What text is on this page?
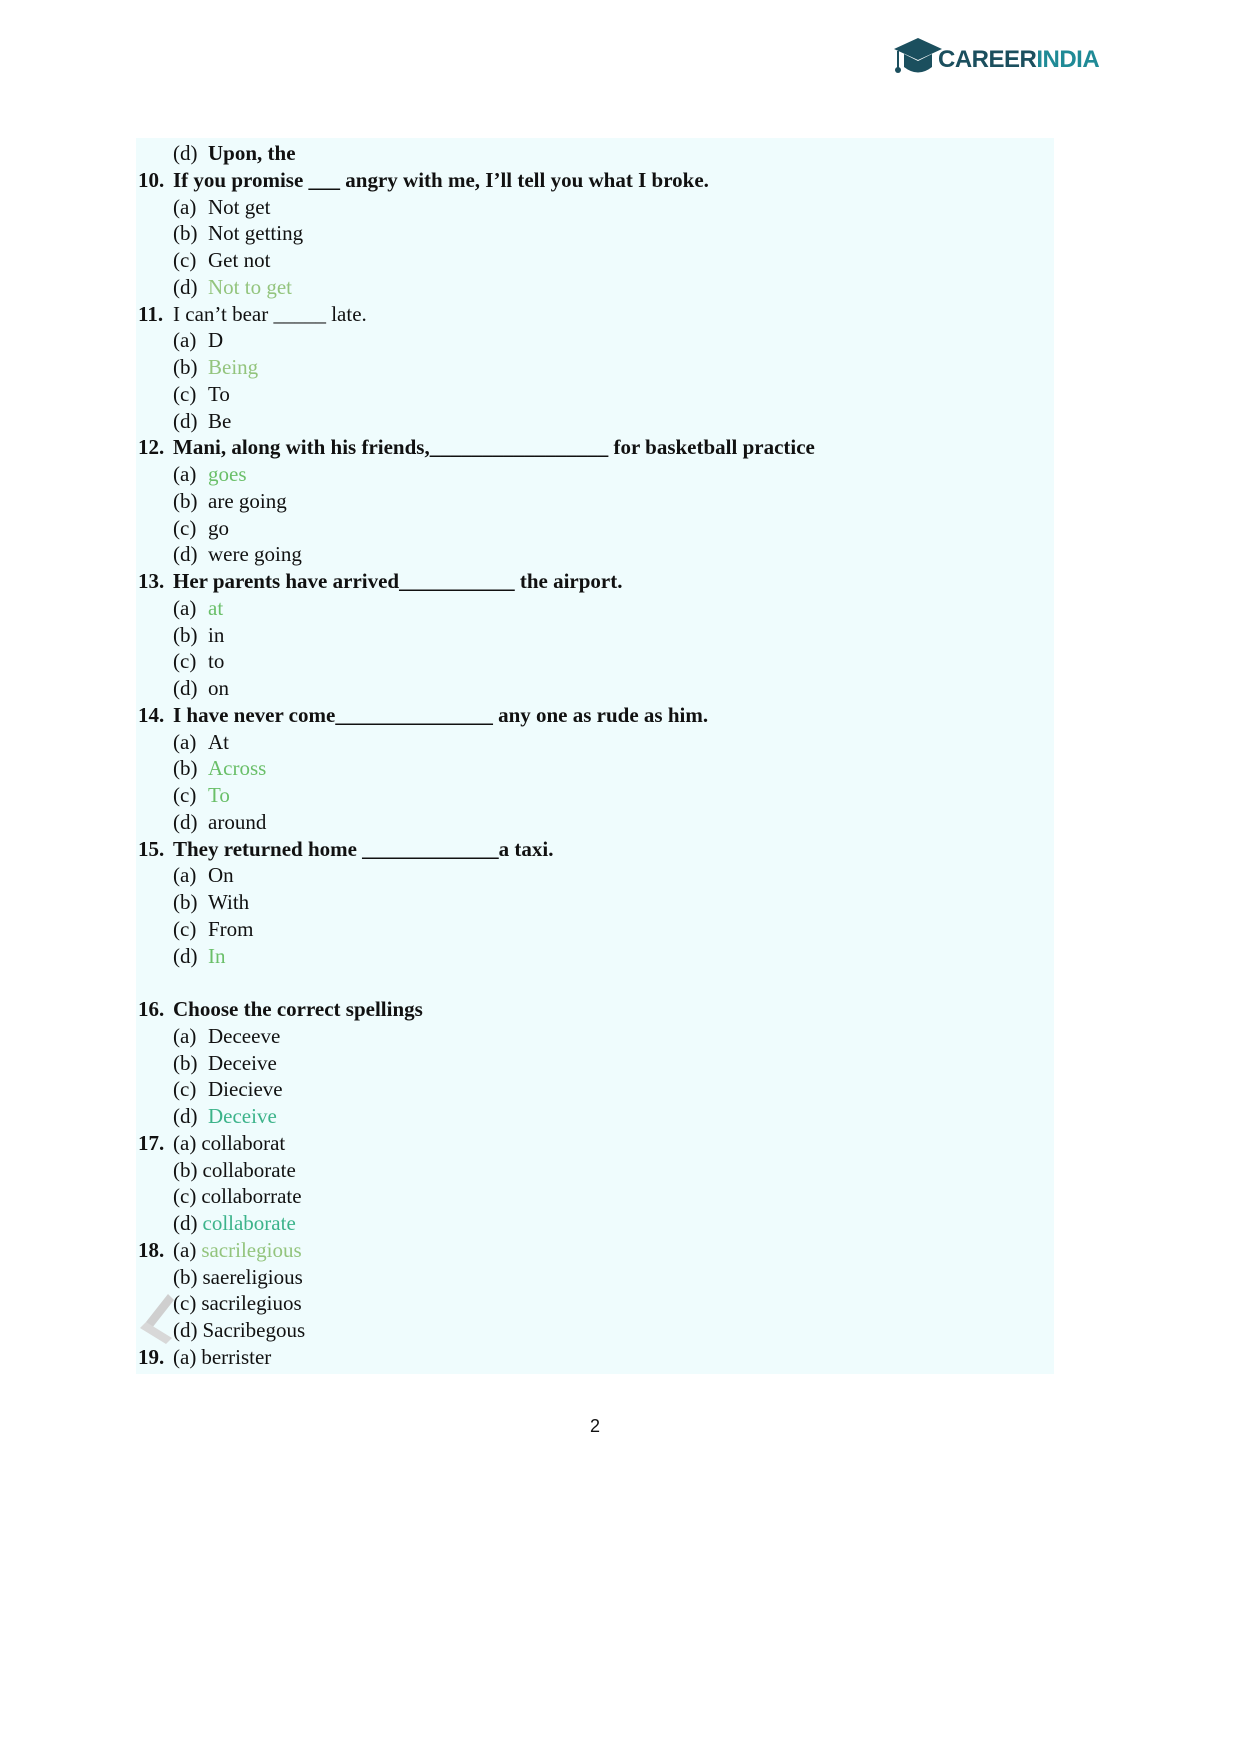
CAREERINDIA
(d) Upon, the
10. If you promise ___ angry with me, I’ll tell you what I broke.
(a) Not get
(b) Not getting
(c) Get not
(d) Not to get
11. I can’t bear _____ late.
(a) D
(b) Being
(c) To
(d) Be
12. Mani, along with his friends,_________________ for basketball practice
(a) goes
(b) are going
(c) go
(d) were going
13. Her parents have arrived___________ the airport.
(a) at
(b) in
(c) to
(d) on
14. I have never come_______________ any one as rude as him.
(a) At
(b) Across
(c) To
(d) around
15. They returned home _____________a taxi.
(a) On
(b) With
(c) From
(d) In
16. Choose the correct spellings
(a) Deceeve
(b) Deceive
(c) Diecieve
(d) Deceive
17. (a) collaborat
(b) collaborate
(c) collaborrate
(d) collaborate
18. (a) sacrilegious
(b) saereligious
(c) sacrilegiuos
(d) Sacribegous
19. (a) berrister
2
